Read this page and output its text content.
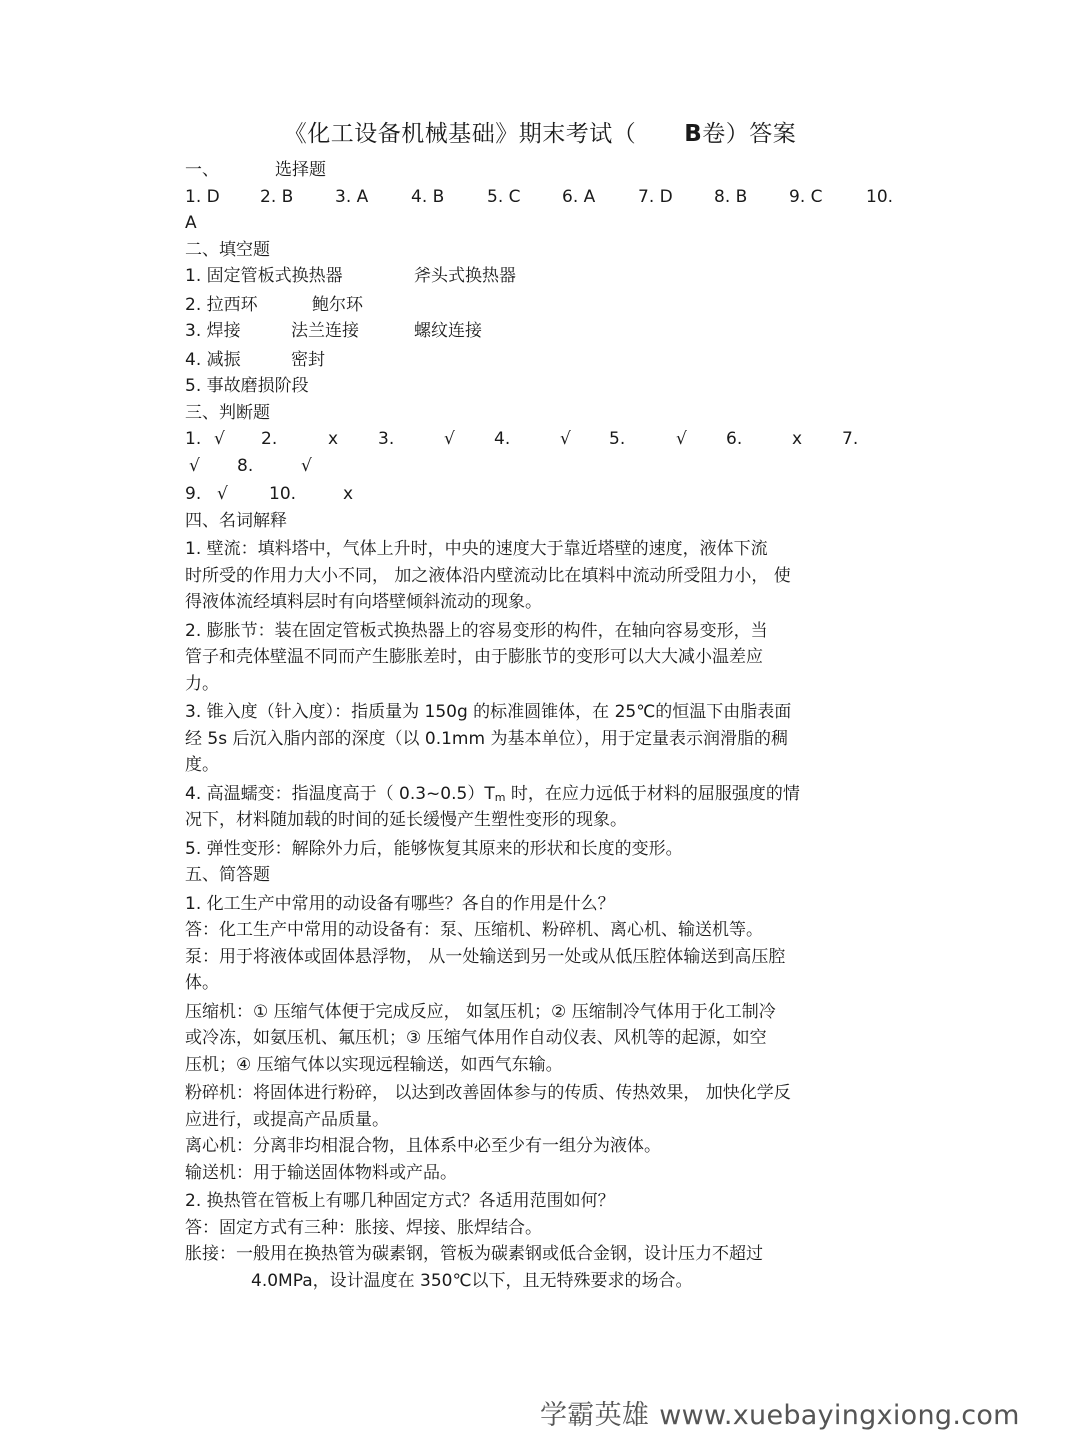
《化工设备机械基础》期末考试（ B卷）答案
一、	选择题
1. D 2. B 3. A	4. B	5. C 6. A	7. D 8. B 9. C	10.
A
二、填空题
1. 固定管板式换热器	斧头式换热器
2. 拉西环	鲍尔环
3. 焊接	法兰连接	螺纹连接
4. 减振	密封
5. 事故磨损阶段
三、判断题
1. √ 2.	x 3.	√ 4.	√ 5.	√ 6.	x 7.
√ 8.	√
9. √ 10.	x
四、名词解释
1. 壁流：填料塔中，气体上升时，中央的速度大于靠近塔壁的速度，液体下流
时所受的作用力大小不同， 加之液体沿内壁流动比在填料中流动所受阻力小， 使
得液体流经填料层时有向塔壁倾斜流动的现象。
2. 膨胀节：装在固定管板式换热器上的容易变形的构件，在轴向容易变形，当
管子和壳体壁温不同而产生膨胀差时，由于膨胀节的变形可以大大减小温差应
力。
3. 锥入度（针入度）：指质量为 150g 的标准圆锥体，在 25℃的恒温下由脂表面
经 5s 后沉入脂内部的深度（以 0.1mm 为基本单位），用于定量表示润滑脂的稠
度。
4. 高温蠕变：指温度高于（ $0.3\sim 0.5)T_m$ 时，在应力远低于材料的屈服强度的情
况下，材料随加载的时间的延长缓慢产生塑性变形的现象。
5. 弹性变形：解除外力后，能够恢复其原来的形状和长度的变形。
五、简答题
1. 化工生产中常用的动设备有哪些？各自的作用是什么？
答：化工生产中常用的动设备有：泵、压缩机、粉碎机、离心机、输送机等。
泵：用于将液体或固体悬浮物， 从一处输送到另一处或从低压腔体输送到高压腔
体。
压缩机：① 压缩气体便于完成反应， 如氢压机；② 压缩制冷气体用于化工制冷
或冷冻，如氨压机、氟压机；③ 压缩气体用作自动仪表、风机等的起源，如空
压机；④ 压缩气体以实现远程输送，如西气东输。
粉碎机：将固体进行粉碎， 以达到改善固体参与的传质、传热效果， 加快化学反
应进行，或提高产品质量。
离心机：分离非均相混合物，且体系中必至少有一组分为液体。
输送机：用于输送固体物料或产品。
2. 换热管在管板上有哪几种固定方式？各适用范围如何？
答：固定方式有三种：胀接、焊接、胀焊结合。
胀接：一般用在换热管为碳素钢，管板为碳素钢或低合金钢，设计压力不超过
4.0MPa，设计温度在 350℃以下，且无特殊要求的场合。
学霸英雄 www.xuebayingxiong.com
